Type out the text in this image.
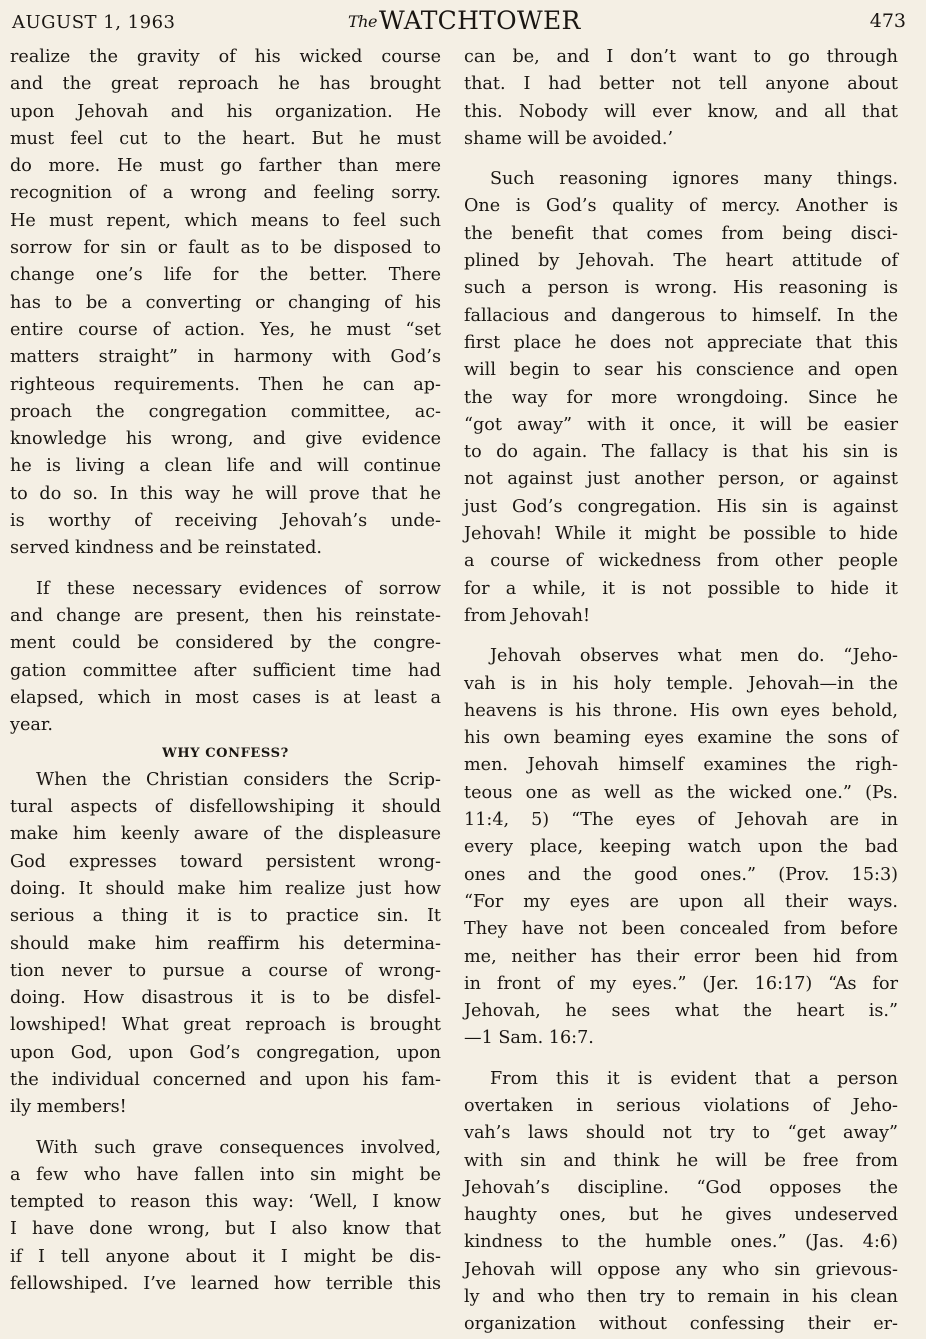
AUGUST 1, 1963	TheWATCHTOWER	473
realize the gravity of his wicked course
and the great reproach he has brought
upon Jehovah and his organization. He
must feel cut to the heart. But he must
do more. He must go farther than mere
recognition of a wrong and feeling sorry.
He must repent, which means to feel such
sorrow for sin or fault as to be disposed to
change one’s life for the better. There
has to be a converting or changing of his
entire course of action. Yes, he must “set
matters straight” in harmony with God’s
righteous requirements. Then he can ap-
proach the congregation committee, ac-
knowledge his wrong, and give evidence
he is living a clean life and will continue
to do so. In this way he will prove that he
is worthy of receiving Jehovah’s unde-
served kindness and be reinstated.
If these necessary evidences of sorrow
and change are present, then his reinstate-
ment could be considered by the congre-
gation committee after sufficient time had
elapsed, which in most cases is at least a
year.
WHY CONFESS?
When the Christian considers the Scrip-
tural aspects of disfellowshiping it should
make him keenly aware of the displeasure
God expresses toward persistent wrong-
doing. It should make him realize just how
serious a thing it is to practice sin. It
should make him reaffirm his determina-
tion never to pursue a course of wrong-
doing. How disastrous it is to be disfel-
lowshiped! What great reproach is brought
upon God, upon God’s congregation, upon
the individual concerned and upon his fam-
ily members!
With such grave consequences involved,
a few who have fallen into sin might be
tempted to reason this way: ‘Well, I know
I have done wrong, but I also know that
if I tell anyone about it I might be dis-
fellowshiped. I’ve learned how terrible this
can be, and I don’t want to go through
that. I had better not tell anyone about
this. Nobody will ever know, and all that
shame will be avoided.’
Such reasoning ignores many things.
One is God’s quality of mercy. Another is
the benefit that comes from being disci-
plined by Jehovah. The heart attitude of
such a person is wrong. His reasoning is
fallacious and dangerous to himself. In the
first place he does not appreciate that this
will begin to sear his conscience and open
the way for more wrongdoing. Since he
“got away” with it once, it will be easier
to do again. The fallacy is that his sin is
not against just another person, or against
just God’s congregation. His sin is against
Jehovah! While it might be possible to hide
a course of wickedness from other people
for a while, it is not possible to hide it
from Jehovah!
Jehovah observes what men do. “Jeho-
vah is in his holy temple. Jehovah—in the
heavens is his throne. His own eyes behold,
his own beaming eyes examine the sons of
men. Jehovah himself examines the righ-
teous one as well as the wicked one.” (Ps.
11:4, 5) “The eyes of Jehovah are in
every place, keeping watch upon the bad
ones and the good ones.” (Prov. 15:3)
“For my eyes are upon all their ways.
They have not been concealed from before
me, neither has their error been hid from
in front of my eyes.” (Jer. 16:17) “As for
Jehovah, he sees what the heart is.”
—1 Sam. 16:7.
From this it is evident that a person
overtaken in serious violations of Jeho-
vah’s laws should not try to “get away”
with sin and think he will be free from
Jehovah’s discipline. “God opposes the
haughty ones, but he gives undeserved
kindness to the humble ones.” (Jas. 4:6)
Jehovah will oppose any who sin grievous-
ly and who then try to remain in his clean
organization without confessing their er-
